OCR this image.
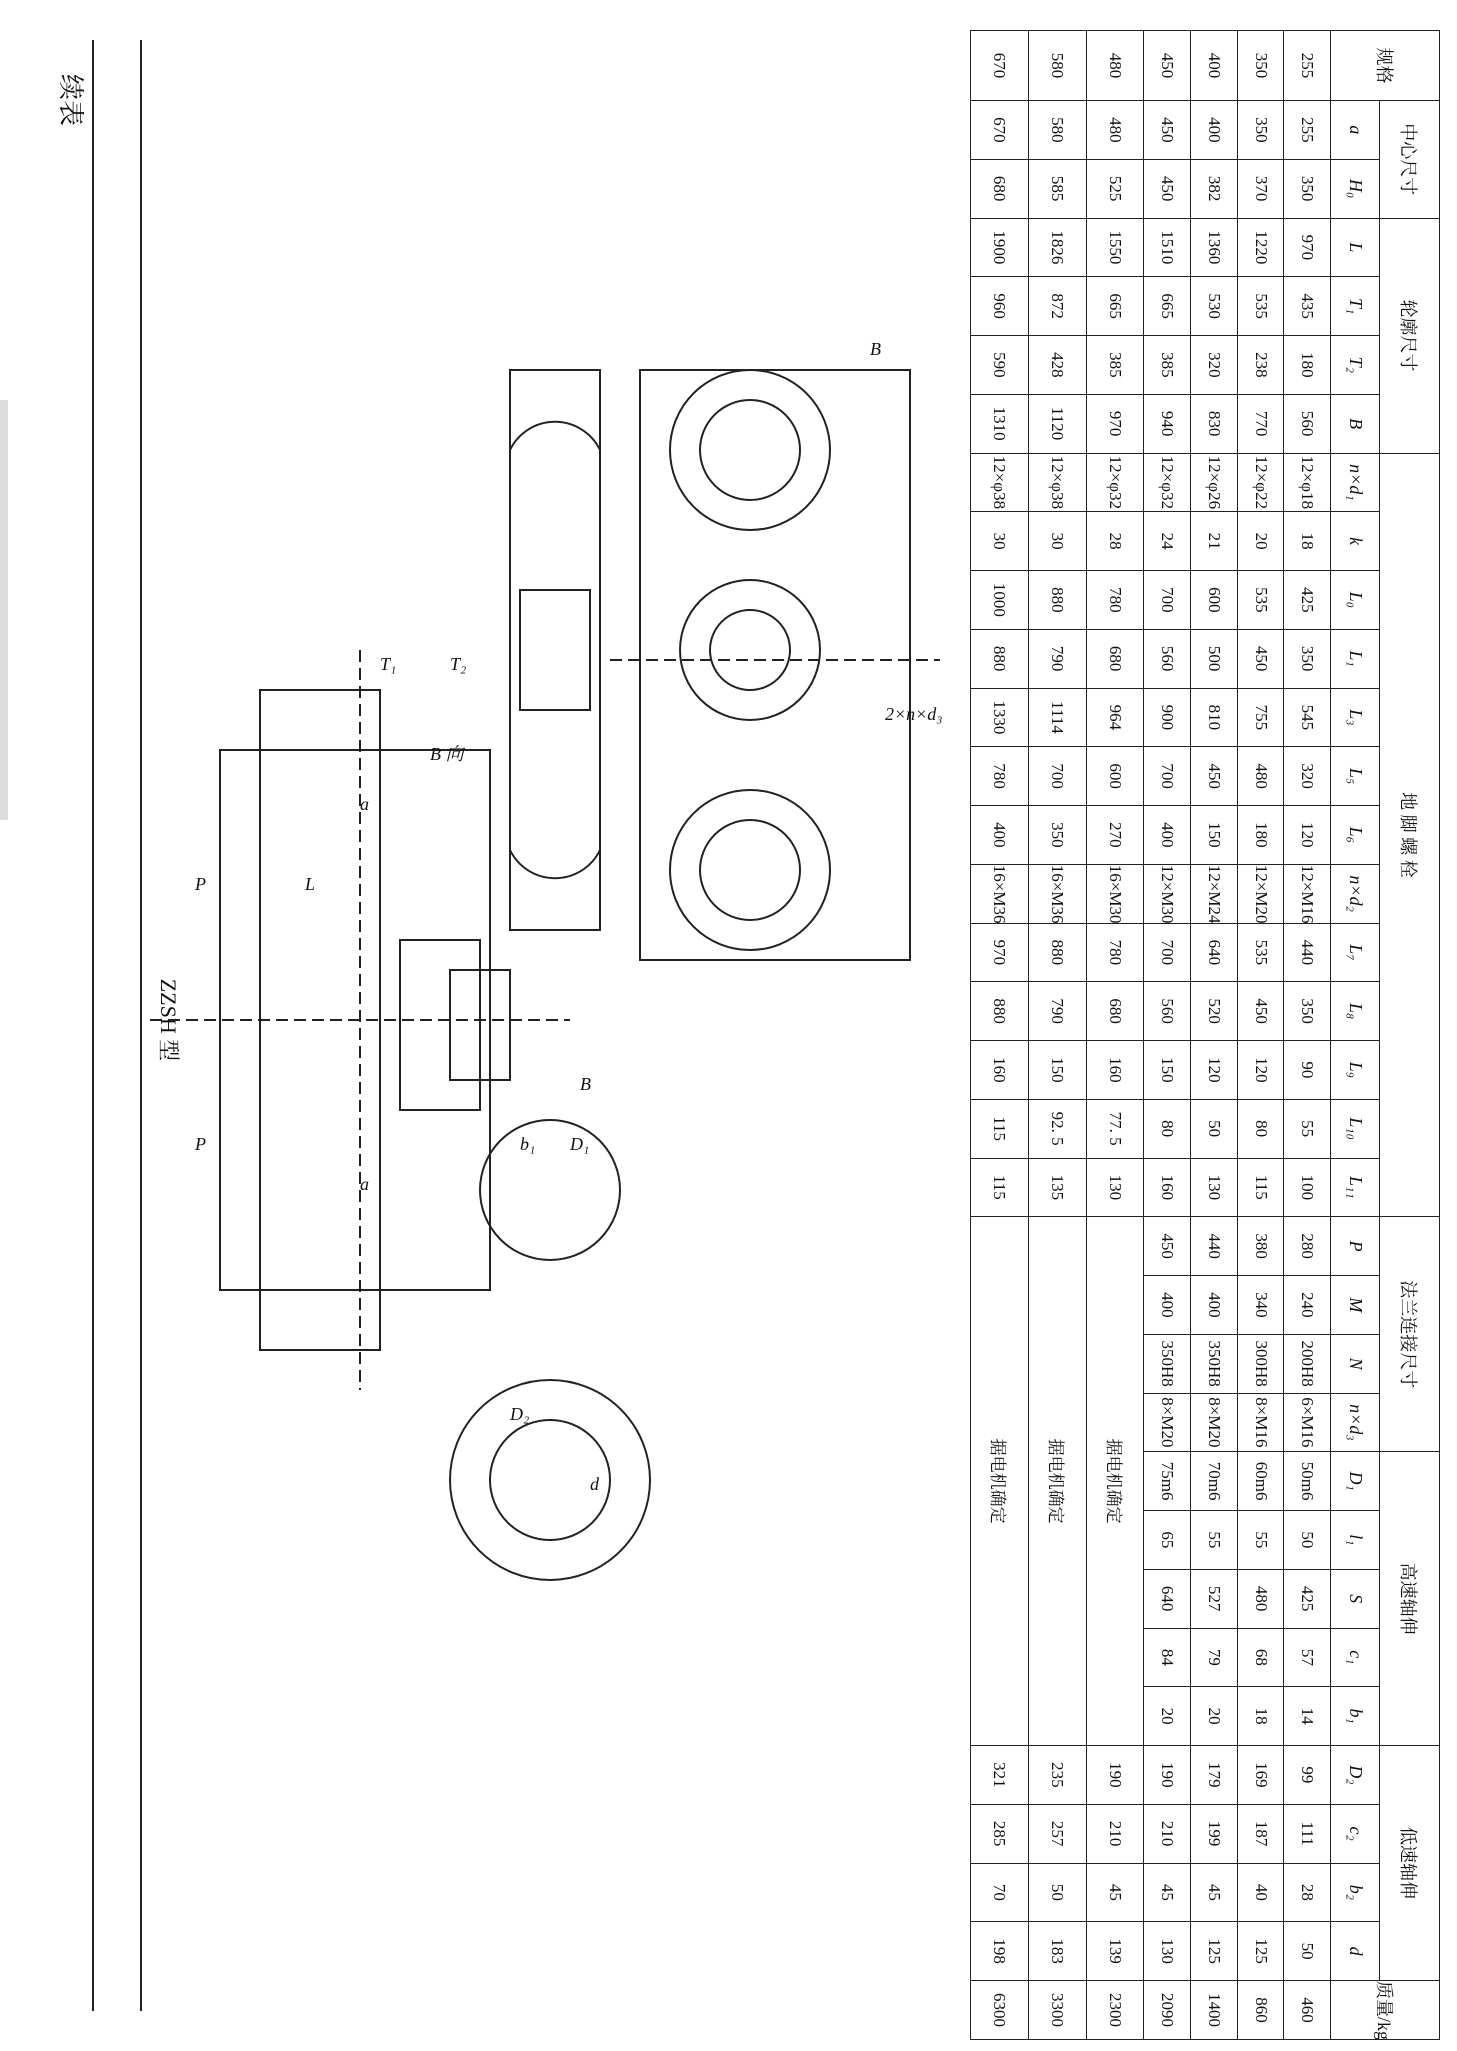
续表
ZZSH 型
L
a
a
P
P
T₁	T₂
B
B 向
2×n×d₃
B
b₁ D₁
D₂
d
规格	中心尺寸		轮廓尺寸				地 脚 螺 栓													法兰连接尺寸				高速轴伸					低速轴伸				质量/kg
	a	H₀	L	T₁	T₂	B	n×d₁	k	L₀	L₁	L₃	L₅	L₆	n×d₂	L₇	L₈	L₉	L₁₀	L₁₁	P	M	N	n×d₃	D₁	l₁	S	c₁	b₁	D₂	c₂	b₂	d	
255	255	350	970	435	180	560	12×φ18	18	425	350	545	320	120	12×M16	440	350	90	55	100	280	240	200H8	6×M16	50m6	50	425	57	14	99	111	28	50	460
350	350	370	1220	535	238	770	12×φ22	20	535	450	755	480	180	12×M20	535	450	120	80	115	380	340	300H8	8×M16	60m6	55	480	68	18	169	187	40	125	860
400	400	382	1360	530	320	830	12×φ26	21	600	500	810	450	150	12×M24	640	520	120	50	130	440	400	350H8	8×M20	70m6	55	527	79	20	179	199	45	125	1400
450	450	450	1510	665	385	940	12×φ32	24	700	560	900	700	400	12×M30	700	560	150	80	160	450	400	350H8	8×M20	75m6	65	640	84	20	190	210	45	130	2090
480	480	525	1550	665	385	970	12×φ32	28	780	680	964	600	270	16×M30	780	680	160	77. 5	130	据电机确定									190	210	45	139	2300
580	580	585	1826	872	428	1120	12×φ38	30	880	790	1114	700	350	16×M36	880	790	150	92. 5	135	据电机确定									235	257	50	183	3300
670	670	680	1900	960	590	1310	12×φ38	30	1000	880	1330	780	400	16×M36	970	880	160	115	115	据电机确定									321	285	70	198	6300
